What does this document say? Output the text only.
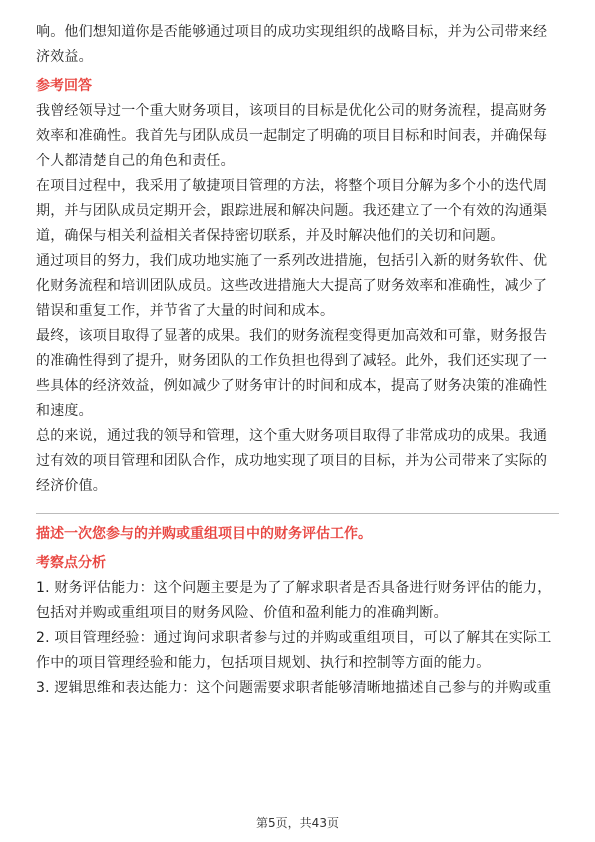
响。他们想知道你是否能够通过项目的成功实现组织的战略目标，并为公司带来经济效益。

参考回答

我曾经领导过一个重大财务项目，该项目的目标是优化公司的财务流程，提高财务效率和准确性。我首先与团队成员一起制定了明确的项目目标和时间表，并确保每个人都清楚自己的角色和责任。

在项目过程中，我采用了敏捷项目管理的方法，将整个项目分解为多个小的迭代周期，并与团队成员定期开会，跟踪进展和解决问题。我还建立了一个有效的沟通渠道，确保与相关利益相关者保持密切联系，并及时解决他们的关切和问题。

通过项目的努力，我们成功地实施了一系列改进措施，包括引入新的财务软件、优化财务流程和培训团队成员。这些改进措施大大提高了财务效率和准确性，减少了错误和重复工作，并节省了大量的时间和成本。

最终，该项目取得了显著的成果。我们的财务流程变得更加高效和可靠，财务报告的准确性得到了提升，财务团队的工作负担也得到了减轻。此外，我们还实现了一些具体的经济效益，例如减少了财务审计的时间和成本，提高了财务决策的准确性和速度。

总的来说，通过我的领导和管理，这个重大财务项目取得了非常成功的成果。我通过有效的项目管理和团队合作，成功地实现了项目的目标，并为公司带来了实际的经济价值。

描述一次您参与的并购或重组项目中的财务评估工作。
考察点分析

1. 财务评估能力：这个问题主要是为了了解求职者是否具备进行财务评估的能力，包括对并购或重组项目的财务风险、价值和盈利能力的准确判断。

2. 项目管理经验：通过询问求职者参与过的并购或重组项目，可以了解其在实际工作中的项目管理经验和能力，包括项目规划、执行和控制等方面的能力。

3. 逻辑思维和表达能力：这个问题需要求职者能够清晰地描述自己参与的并购或重

第5页，共43页
